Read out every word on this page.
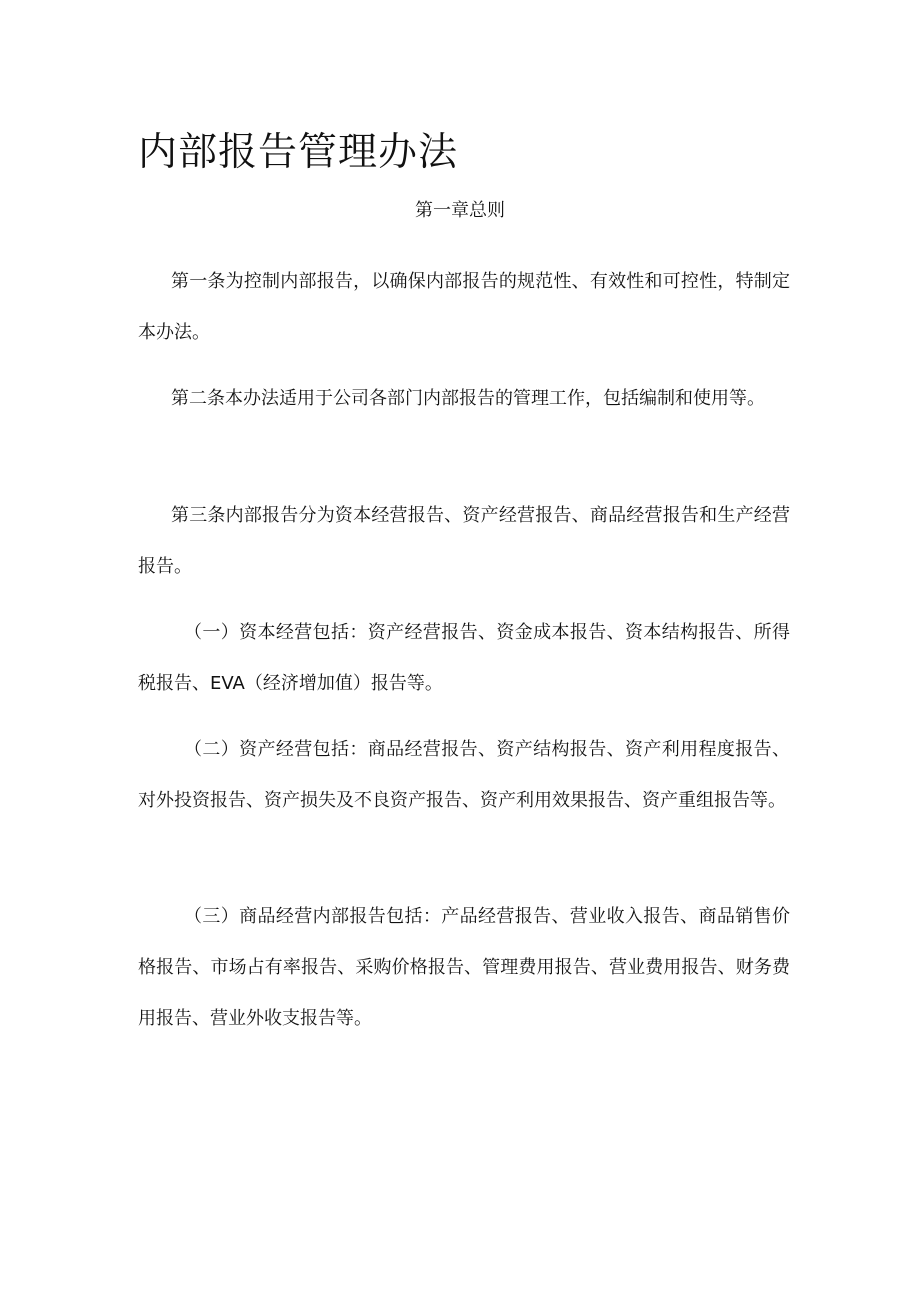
内部报告管理办法
第一章总则

第一条为控制内部报告，以确保内部报告的规范性、有效性和可控性，特制定本办法。

第二条本办法适用于公司各部门内部报告的管理工作，包括编制和使用等。

第三条内部报告分为资本经营报告、资产经营报告、商品经营报告和生产经营报告。

（一）资本经营包括：资产经营报告、资金成本报告、资本结构报告、所得税报告、EVA（经济增加值）报告等。

（二）资产经营包括：商品经营报告、资产结构报告、资产利用程度报告、对外投资报告、资产损失及不良资产报告、资产利用效果报告、资产重组报告等。

（三）商品经营内部报告包括：产品经营报告、营业收入报告、商品销售价格报告、市场占有率报告、采购价格报告、管理费用报告、营业费用报告、财务费用报告、营业外收支报告等。
